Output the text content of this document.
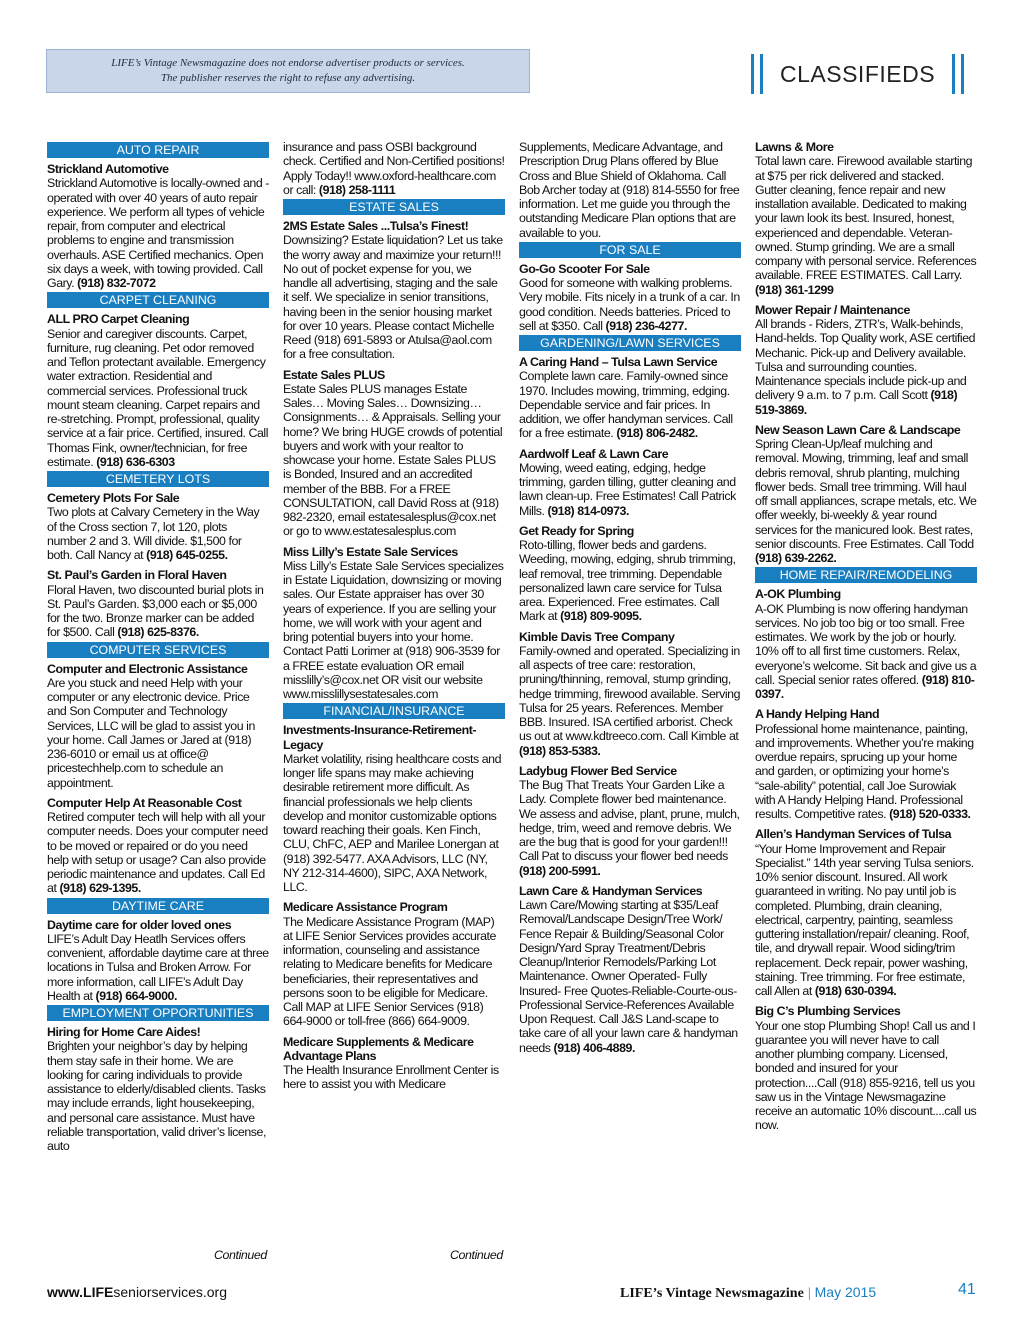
LIFE’s Vintage Newsmagazine does not endorse advertiser products or services.
The publisher reserves the right to refuse any advertising.	CLASSIFIEDS
AUTO REPAIR

Strickland Automotive

Strickland Automotive is locally-owned and - operated with over 40 years of auto repair experience. We perform all types of vehicle repair, from computer and electrical problems to engine and transmission overhauls. ASE Certified mechanics. Open six days a week, with towing provided. Call Gary. (918) 832-7072

CARPET CLEANING

ALL PRO Carpet Cleaning

Senior and caregiver discounts. Carpet, furniture, rug cleaning. Pet odor removed and Teflon protectant available. Emergency water extraction. Residential and commercial services. Professional truck mount steam cleaning. Carpet repairs and re-stretching. Prompt, professional, quality service at a fair price. Certified, insured. Call Thomas Fink, owner/technician, for free estimate. (918) 636-6303

CEMETERY LOTS

Cemetery Plots For Sale

Two plots at Calvary Cemetery in the Way of the Cross section 7, lot 120, plots number 2 and 3. Will divide. $1,500 for both. Call Nancy at (918) 645-0255.

St. Paul’s Garden in Floral Haven

Floral Haven, two discounted burial plots in St. Paul’s Garden. $3,000 each or $5,000 for the two. Bronze marker can be added for $500. Call (918) 625-8376.

COMPUTER SERVICES

Computer and Electronic Assistance

Are you stuck and need Help with your computer or any electronic device. Price and Son Computer and Technology Services, LLC will be glad to assist you in your home. Call James or Jared at (918) 236-6010 or email us at office@ pricestechhelp.com to schedule an appointment.

Computer Help At Reasonable Cost

Retired computer tech will help with all your computer needs. Does your computer need to be moved or repaired or do you need help with setup or usage? Can also provide periodic maintenance and updates. Call Ed at (918) 629-1395.

DAYTIME CARE

Daytime care for older loved ones

LIFE’s Adult Day Heatlh Services offers convenient, affordable daytime care at three locations in Tulsa and Broken Arrow. For more information, call LIFE’s Adult Day Health at (918) 664-9000.

EMPLOYMENT OPPORTUNITIES

Hiring for Home Care Aides!

Brighten your neighbor’s day by helping them stay safe in their home. We are looking for caring individuals to provide assistance to elderly/disabled clients. Tasks may include errands, light housekeeping, and personal care assistance. Must have reliable transportation, valid driver’s license, auto

insurance and pass OSBI background check. Certified and Non-Certified positions! Apply Today!! www.oxford-healthcare.com or call: (918) 258-1111

ESTATE SALES

2MS Estate Sales ...Tulsa’s Finest!

Downsizing? Estate liquidation? Let us take the worry away and maximize your return!!! No out of pocket expense for you, we handle all advertising, staging and the sale it self. We specialize in senior transitions, having been in the senior housing market for over 10 years. Please contact Michelle Reed (918) 691-5893 or Atulsa@aol.com for a free consultation.

Estate Sales PLUS

Estate Sales PLUS manages Estate Sales… Moving Sales… Downsizing… Consignments… & Appraisals. Selling your home? We bring HUGE crowds of potential buyers and work with your realtor to showcase your home. Estate Sales PLUS is Bonded, Insured and an accredited member of the BBB. For a FREE CONSULTATION, call David Ross at (918) 982-2320, email estatesalesplus@cox.net or go to www.estatesalesplus.com

Miss Lilly’s Estate Sale Services

Miss Lilly’s Estate Sale Services specializes in Estate Liquidation, downsizing or moving sales. Our Estate appraiser has over 30 years of experience. If you are selling your home, we will work with your agent and bring potential buyers into your home. Contact Patti Lorimer at (918) 906-3539 for a FREE estate evaluation OR email misslilly’s@cox.net OR visit our website www.misslillysestatesales.com

FINANCIAL/INSURANCE

Investments-Insurance-Retirement-Legacy

Market volatility, rising healthcare costs and longer life spans may make achieving desirable retirement more difficult. As financial professionals we help clients develop and monitor customizable options toward reaching their goals. Ken Finch, CLU, ChFC, AEP and Marilee Lonergan at (918) 392-5477. AXA Advisors, LLC (NY, NY 212-314-4600), SIPC, AXA Network, LLC.

Medicare Assistance Program

The Medicare Assistance Program (MAP) at LIFE Senior Services provides accurate information, counseling and assistance relating to Medicare benefits for Medicare beneficiaries, their representatives and persons soon to be eligible for Medicare. Call MAP at LIFE Senior Services (918) 664-9000 or toll-free (866) 664-9009.

Medicare Supplements & Medicare Advantage Plans

The Health Insurance Enrollment Center is here to assist you with Medicare

Supplements, Medicare Advantage, and Prescription Drug Plans offered by Blue Cross and Blue Shield of Oklahoma. Call Bob Archer today at (918) 814-5550 for free information. Let me guide you through the outstanding Medicare Plan options that are available to you.

FOR SALE

Go-Go Scooter For Sale

Good for someone with walking problems. Very mobile. Fits nicely in a trunk of a car. In good condition. Needs batteries. Priced to sell at $350. Call (918) 236-4277.

GARDENING/LAWN SERVICES

A Caring Hand – Tulsa Lawn Service

Complete lawn care. Family-owned since 1970. Includes mowing, trimming, edging. Dependable service and fair prices. In addition, we offer handyman services. Call for a free estimate. (918) 806-2482.

Aardwolf Leaf & Lawn Care

Mowing, weed eating, edging, hedge trimming, garden tilling, gutter cleaning and lawn clean-up. Free Estimates! Call Patrick Mills. (918) 814-0973.

Get Ready for Spring

Roto-tilling, flower beds and gardens. Weeding, mowing, edging, shrub trimming, leaf removal, tree trimming. Dependable personalized lawn care service for Tulsa area. Experienced. Free estimates. Call Mark at (918) 809-9095.

Kimble Davis Tree Company

Family-owned and operated. Specializing in all aspects of tree care: restoration, pruning/thinning, removal, stump grinding, hedge trimming, firewood available. Serving Tulsa for 25 years. References. Member BBB. Insured. ISA certified arborist. Check us out at www.kdtreeco.com. Call Kimble at (918) 853-5383.

Ladybug Flower Bed Service

The Bug That Treats Your Garden Like a Lady. Complete flower bed maintenance. We assess and advise, plant, prune, mulch, hedge, trim, weed and remove debris. We are the bug that is good for your garden!!! Call Pat to discuss your flower bed needs (918) 200-5991.

Lawn Care & Handyman Services

Lawn Care/Mowing starting at $35/Leaf Removal/Landscape Design/Tree Work/ Fence Repair & Building/Seasonal Color Design/Yard Spray Treatment/Debris Cleanup/Interior Remodels/Parking Lot Maintenance. Owner Operated- Fully Insured- Free Quotes-Reliable-Courte-ous-Professional Service-References Available Upon Request. Call J&S Land-scape to take care of all your lawn care & handyman needs (918) 406-4889.

Lawns & More

Total lawn care. Firewood available starting at $75 per rick delivered and stacked. Gutter cleaning, fence repair and new installation available. Dedicated to making your lawn look its best. Insured, honest, experienced and dependable. Veteran-owned. Stump grinding. We are a small company with personal service. References available. FREE ESTIMATES. Call Larry. (918) 361-1299

Mower Repair / Maintenance

All brands - Riders, ZTR’s, Walk-behinds, Hand-helds. Top Quality work, ASE certified Mechanic. Pick-up and Delivery available. Tulsa and surrounding counties. Maintenance specials include pick-up and delivery 9 a.m. to 7 p.m. Call Scott (918) 519-3869.

New Season Lawn Care & Landscape

Spring Clean-Up/leaf mulching and removal. Mowing, trimming, leaf and small debris removal, shrub planting, mulching flower beds. Small tree trimming. Will haul off small appliances, scrape metals, etc. We offer weekly, bi-weekly & year round services for the manicured look. Best rates, senior discounts. Free Estimates. Call Todd (918) 639-2262.

HOME REPAIR/REMODELING

A-OK Plumbing

A-OK Plumbing is now offering handyman services. No job too big or too small. Free estimates. We work by the job or hourly. 10% off to all first time customers. Relax, everyone’s welcome. Sit back and give us a call. Special senior rates offered. (918) 810-0397.

A Handy Helping Hand

Professional home maintenance, painting, and improvements. Whether you’re making overdue repairs, sprucing up your home and garden, or optimizing your home’s “sale-ability” potential, call Joe Surowiak with A Handy Helping Hand. Professional results. Competitive rates. (918) 520-0333.

Allen’s Handyman Services of Tulsa

“Your Home Improvement and Repair Specialist.” 14th year serving Tulsa seniors. 10% senior discount. Insured. All work guaranteed in writing. No pay until job is completed. Plumbing, drain cleaning, electrical, carpentry, painting, seamless guttering installation/repair/ cleaning. Roof, tile, and drywall repair. Wood siding/trim replacement. Deck repair, power washing, staining. Tree trimming. For free estimate, call Allen at (918) 630-0394.

Big C’s Plumbing Services

Your one stop Plumbing Shop! Call us and I guarantee you will never have to call another plumbing company. Licensed, bonded and insured for your protection....Call (918) 855-9216, tell us you saw us in the Vintage Newsmagazine receive an automatic 10% discount....call us now.

Continued	Continued
www.LIFEseniorservices.org	LIFE’s Vintage Newsmagazine | May 2015	41
